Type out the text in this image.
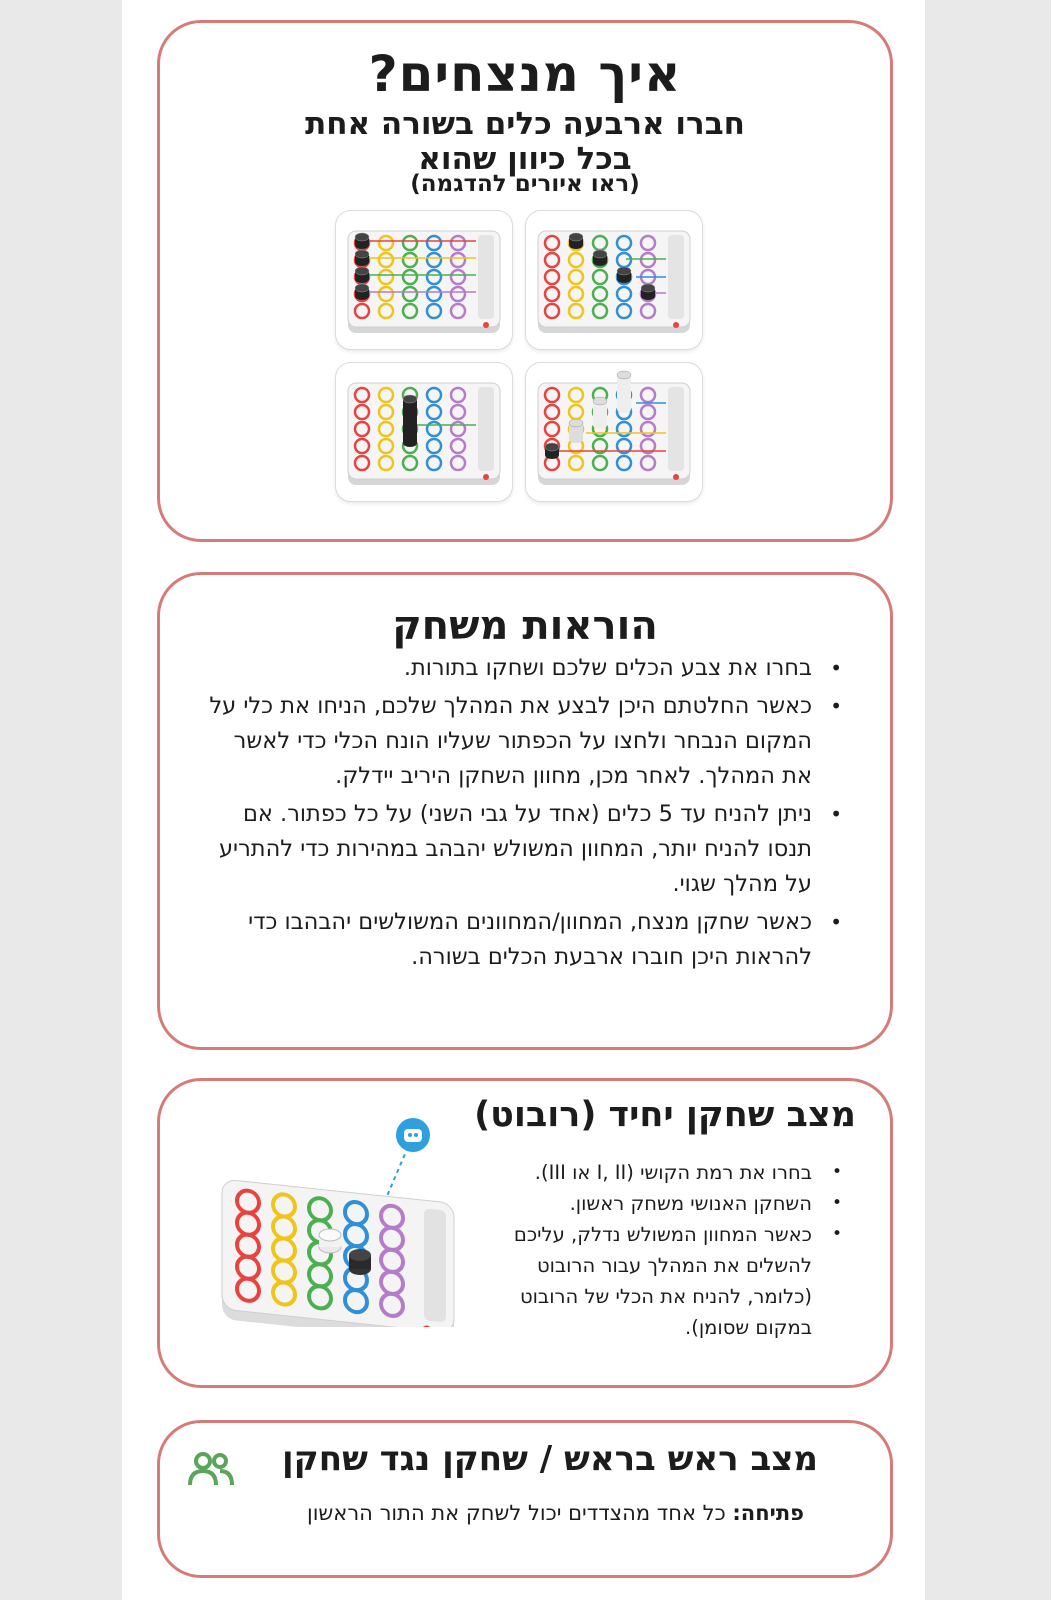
איך מנצחים?
חברו ארבעה כלים בשורה אחת
בכל כיוון שהוא
(ראו איורים להדגמה)
הוראות משחק
• בחרו את צבע הכלים שלכם ושחקו בתורות.
• כאשר החלטתם היכן לבצע את המהלך שלכם, הניחו את כלי על המקום הנבחר ולחצו על הכפתור שעליו הונח הכלי כדי לאשר את המהלך. לאחר מכן, מחוון השחקן היריב יידלק.
• ניתן להניח עד 5 כלים (אחד על גבי השני) על כל כפתור. אם תנסו להניח יותר, המחוון המשולש יהבהב במהירות כדי להתריע על מהלך שגוי.
• כאשר שחקן מנצח, המחוון/המחוונים המשולשים יהבהבו כדי להראות היכן חוברו ארבעת הכלים בשורה.
מצב שחקן יחיד (רובוט)
• בחרו את רמת הקושי (I, II או III).
• השחקן האנושי משחק ראשון.
• כאשר המחוון המשולש נדלק, עליכם להשלים את המהלך עבור הרובוט (כלומר, להניח את הכלי של הרובוט במקום שסומן).
מצב ראש בראש / שחקן נגד שחקן
פתיחה: כל אחד מהצדדים יכול לשחק את התור הראשון
